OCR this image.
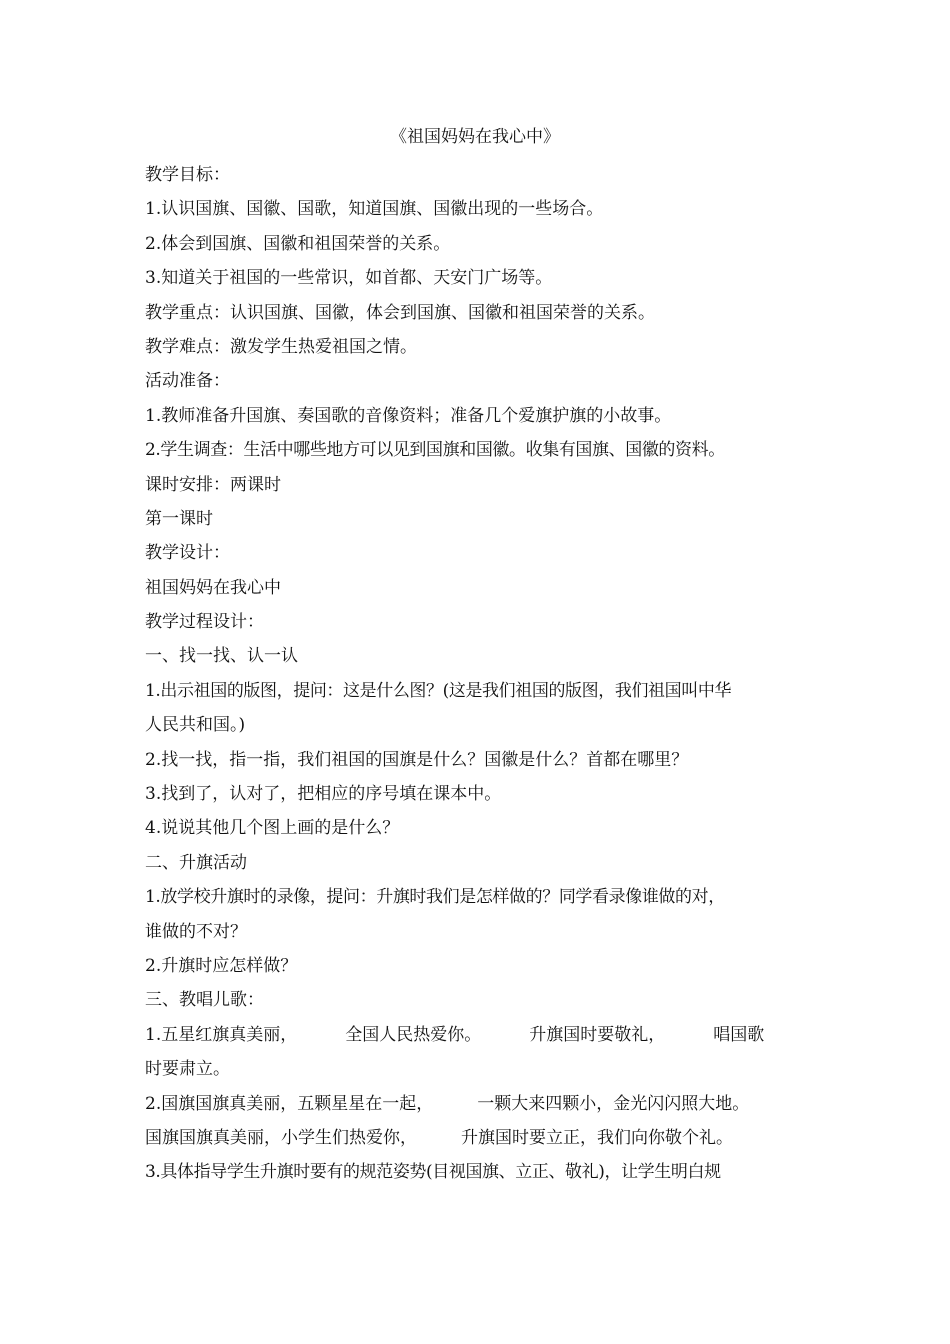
《祖国妈妈在我心中》
教学目标：
1.认识国旗、国徽、国歌，知道国旗、国徽出现的一些场合。
2.体会到国旗、国徽和祖国荣誉的关系。
3.知道关于祖国的一些常识，如首都、天安门广场等。
教学重点：认识国旗、国徽，体会到国旗、国徽和祖国荣誉的关系。
教学难点：激发学生热爱祖国之情。
活动准备：
1.教师准备升国旗、奏国歌的音像资料；准备几个爱旗护旗的小故事。
2.学生调查：生活中哪些地方可以见到国旗和国徽。收集有国旗、国徽的资料。
课时安排：两课时
第一课时
教学设计：
祖国妈妈在我心中
教学过程设计：
一、找一找、认一认
1.出示祖国的版图，提问：这是什么图？(这是我们祖国的版图，我们祖国叫中华
人民共和国。)
2.找一找，指一指，我们祖国的国旗是什么？国徽是什么？首都在哪里？
3.找到了，认对了，把相应的序号填在课本中。
4.说说其他几个图上画的是什么？
二、升旗活动
1.放学校升旗时的录像，提问：升旗时我们是怎样做的？同学看录像谁做的对，
谁做的不对？
2.升旗时应怎样做？
三、教唱儿歌：
1.五星红旗真美丽，	全国人民热爱你。	升旗国时要敬礼，	唱国歌
时要肃立。
2.国旗国旗真美丽，五颗星星在一起，	一颗大来四颗小，金光闪闪照大地。
国旗国旗真美丽，小学生们热爱你，	升旗国时要立正，我们向你敬个礼。
3.具体指导学生升旗时要有的规范姿势(目视国旗、立正、敬礼)，让学生明白规
